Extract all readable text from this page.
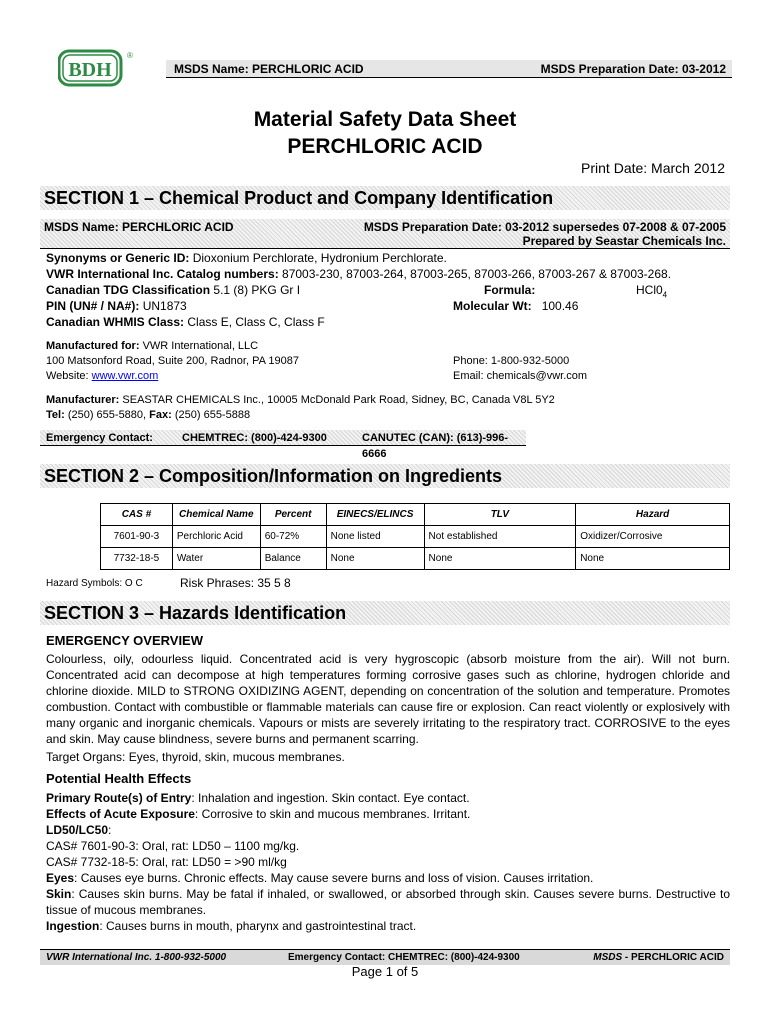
BDH
®
MSDS Name: PERCHLORIC ACID	MSDS Preparation Date: 03-2012
Material Safety Data Sheet
PERCHLORIC ACID
Print Date: March 2012
SECTION 1 – Chemical Product and Company Identification
MSDS Name: PERCHLORIC ACID	MSDS Preparation Date: 03-2012 supersedes 07-2008 & 07-2005
Prepared by Seastar Chemicals Inc.
Synonyms or Generic ID: Dioxonium Perchlorate, Hydronium Perchlorate.
VWR International Inc. Catalog numbers: 87003-230, 87003-264, 87003-265, 87003-266, 87003-267 & 87003-268.
Canadian TDG Classification 5.1 (8) PKG Gr I	Formula:	$HCl0_4$
PIN (UN# / NA#): UN1873	Molecular Wt: 100.46
Canadian WHMIS Class: Class E, Class C, Class F
Manufactured for: VWR International, LLC
100 Matsonford Road, Suite 200, Radnor, PA 19087
Website: www.vwr.com
Phone: 1-800-932-5000
Email: chemicals@vwr.com
Manufacturer: SEASTAR CHEMICALS Inc., 10005 McDonald Park Road, Sidney, BC, Canada V8L 5Y2
Tel: (250) 655-5880, Fax: (250) 655-5888
Emergency Contact:	CHEMTREC: (800)-424-9300	CANUTEC (CAN): (613)-996-6666
SECTION 2 – Composition/Information on Ingredients
CAS #	Chemical Name	Percent	EINECS/ELINCS	TLV	Hazard
7601-90-3	Perchloric Acid	60-72%	None listed	Not established	Oxidizer/Corrosive
7732-18-5	Water	Balance	None	None	None
Hazard Symbols: O C	Risk Phrases: 35 5 8
SECTION 3 – Hazards Identification
EMERGENCY OVERVIEW
Colourless, oily, odourless liquid. Concentrated acid is very hygroscopic (absorb moisture from the air). Will not burn. Concentrated acid can decompose at high temperatures forming corrosive gases such as chlorine, hydrogen chloride and chlorine dioxide. MILD to STRONG OXIDIZING AGENT, depending on concentration of the solution and temperature. Promotes combustion. Contact with combustible or flammable materials can cause fire or explosion. Can react violently or explosively with many organic and inorganic chemicals. Vapours or mists are severely irritating to the respiratory tract. CORROSIVE to the eyes and skin. May cause blindness, severe burns and permanent scarring.
Target Organs: Eyes, thyroid, skin, mucous membranes.
Potential Health Effects
Primary Route(s) of Entry: Inhalation and ingestion. Skin contact. Eye contact.
Effects of Acute Exposure: Corrosive to skin and mucous membranes. Irritant.
LD50/LC50:
CAS# 7601-90-3: Oral, rat: LD50 – 1100 mg/kg.
CAS# 7732-18-5: Oral, rat: LD50 = >90 ml/kg
Eyes: Causes eye burns. Chronic effects. May cause severe burns and loss of vision. Causes irritation.
Skin: Causes skin burns. May be fatal if inhaled, or swallowed, or absorbed through skin. Causes severe burns. Destructive to tissue of mucous membranes.
Ingestion: Causes burns in mouth, pharynx and gastrointestinal tract.
VWR International Inc. 1-800-932-5000	Emergency Contact: CHEMTREC: (800)-424-9300	MSDS - PERCHLORIC ACID
Page 1 of 5
